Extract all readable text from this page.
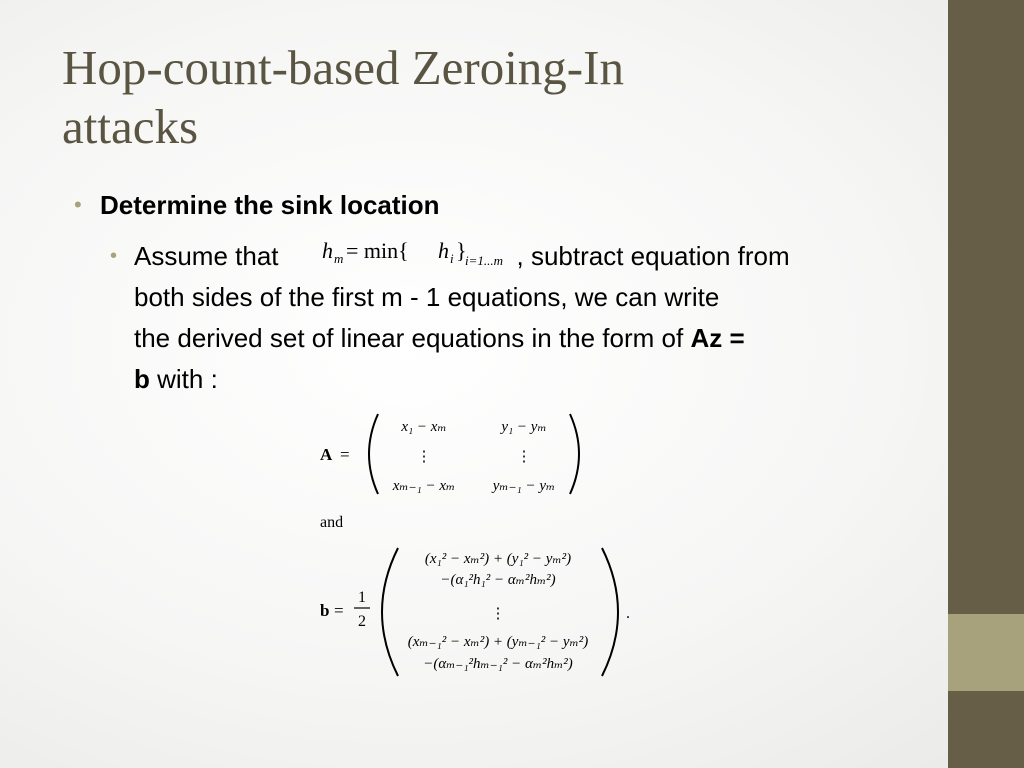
Hop-count-based Zeroing-In
attacks
• Determine the sink location
• Assume that	, subtract equation from
both sides of the first m - 1 equations, we can write
the derived set of linear equations in the form of Az =
b with :

h m = min{ h i }
i=1...m
A =
x₁ − xₘ	y₁ − yₘ
⋮	⋮
xₘ₋₁ − xₘ	yₘ₋₁ − yₘ
and
b =
1
2
(x₁² − xₘ²) + (y₁² − yₘ²)
−(α₁²h₁² − αₘ²hₘ²)
⋮
(xₘ₋₁² − xₘ²) + (yₘ₋₁² − yₘ²)
−(αₘ₋₁²hₘ₋₁² − αₘ²hₘ²)
.
